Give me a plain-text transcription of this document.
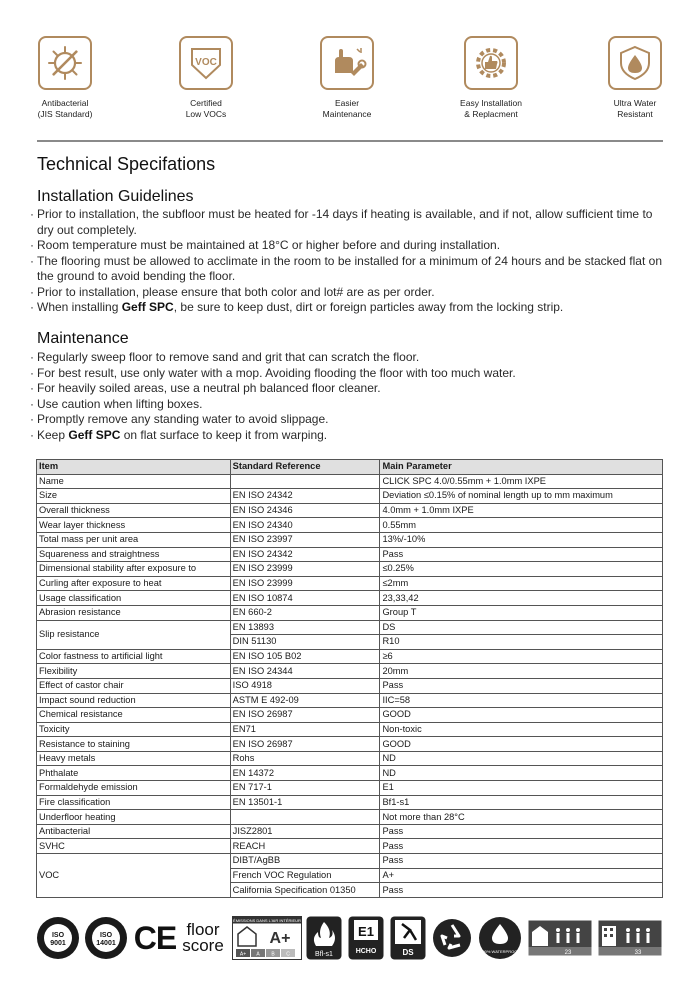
Antibacterial
(JIS Standard)
VOC
Certified
Low VOCs
Easier
Maintenance
Easy Installation
& Replacment
Ultra Water
Resistant
Technical Specifations
Installation Guidelines
· Prior to installation, the subfloor must be heated for -14 days if heating is available, and if not, allow sufficient time to dry out completely.
· Room temperature must be maintained at 18°C or higher before and during installation.
· The flooring must be allowed to acclimate in the room to be installed for a minimum of 24 hours and be stacked flat on the ground to avoid bending the floor.
· Prior to installation, please ensure that both color and lot# are as per order.
· When installing Geff SPC, be sure to keep dust, dirt or foreign particles away from the locking strip.
Maintenance
· Regularly sweep floor to remove sand and grit that can scratch the floor.
· For best result, use only water with a mop. Avoiding flooding the floor with too much water.
· For heavily soiled areas, use a neutral ph balanced floor cleaner.
· Use caution when lifting boxes.
· Promptly remove any standing water to avoid slippage.
· Keep Geff SPC on flat surface to keep it from warping.
Item	Standard Reference	Main Parameter
Name		CLICK SPC 4.0/0.55mm + 1.0mm IXPE
Size	EN ISO 24342	Deviation ≤0.15% of nominal length up to mm maximum
Overall thickness	EN ISO 24346	4.0mm + 1.0mm IXPE
Wear layer thickness	EN ISO 24340	0.55mm
Total mass per unit area	EN ISO 23997	13%/-10%
Squareness and straightness	EN ISO 24342	Pass
Dimensional stability after exposure to	EN ISO 23999	≤0.25%
Curling after exposure to heat	EN ISO 23999	≤2mm
Usage classification	EN ISO 10874	23,33,42
Abrasion resistance	EN 660-2	Group T
Slip resistance	EN 13893	DS
	DIN 51130	R10
Color fastness to artificial light	EN ISO 105 B02	≥6
Flexibility	EN ISO 24344	20mm
Effect of castor chair	ISO 4918	Pass
Impact sound reduction	ASTM E 492-09	IIC=58
Chemical resistance	EN ISO 26987	GOOD
Toxicity	EN71	Non-toxic
Resistance to staining	EN ISO 26987	GOOD
Heavy metals	Rohs	ND
Phthalate	EN 14372	ND
Formaldehyde emission	EN 717-1	E1
Fire classification	EN 13501-1	Bf1-s1
Underfloor heating		Not more than 28°C
Antibacterial	JISZ2801	Pass
SVHC	REACH	Pass
VOC	DIBT/AgBB	Pass
	French VOC Regulation	A+
	California Specification 01350	Pass
ISO
9001
ISO
14001 CE floor
score
ÉMISSIONS DANS L'AIR INTÉRIEUR
A+
A+ A B C	Bfl-s1
E1
HCHO	DS	100% WATERPROOF	23	33
